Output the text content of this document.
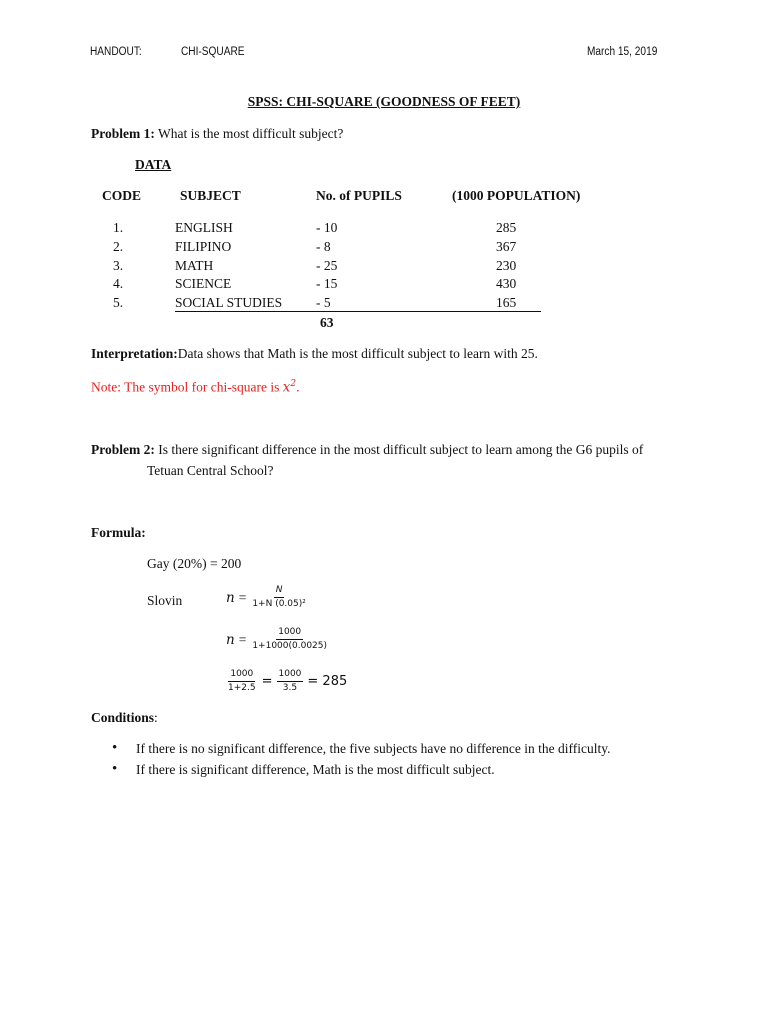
HANDOUT:	CHI-SQUARE	March 15, 2019
SPSS: CHI-SQUARE (GOODNESS OF FEET)
Problem 1: What is the most difficult subject?
DATA
CODE	SUBJECT	No. of PUPILS	(1000 POPULATION)
1.	ENGLISH	- 10	285
2.	FILIPINO	- 8	367
3.	MATH	- 25	230
4.	SCIENCE	- 15	430
5.	SOCIAL STUDIES	- 5	165
63
Interpretation:Data shows that Math is the most difficult subject to learn with 25.
Note: The symbol for chi-square is $x^2$.
Problem 2: Is there significant difference in the most difficult subject to learn among the G6 pupils of
Tetuan Central School?
Formula:
Gay (20%) = 200
Slovin	$n = \frac{N}{\text{1+N (0.05)²}}$
$n = \frac{1000}{1+1000(0.0025)}$
$\frac{1000}{1+2.5} = \frac{1000}{3.5} = 285$
Conditions:
• If there is no significant difference, the five subjects have no difference in the difficulty.
• If there is significant difference, Math is the most difficult subject.
